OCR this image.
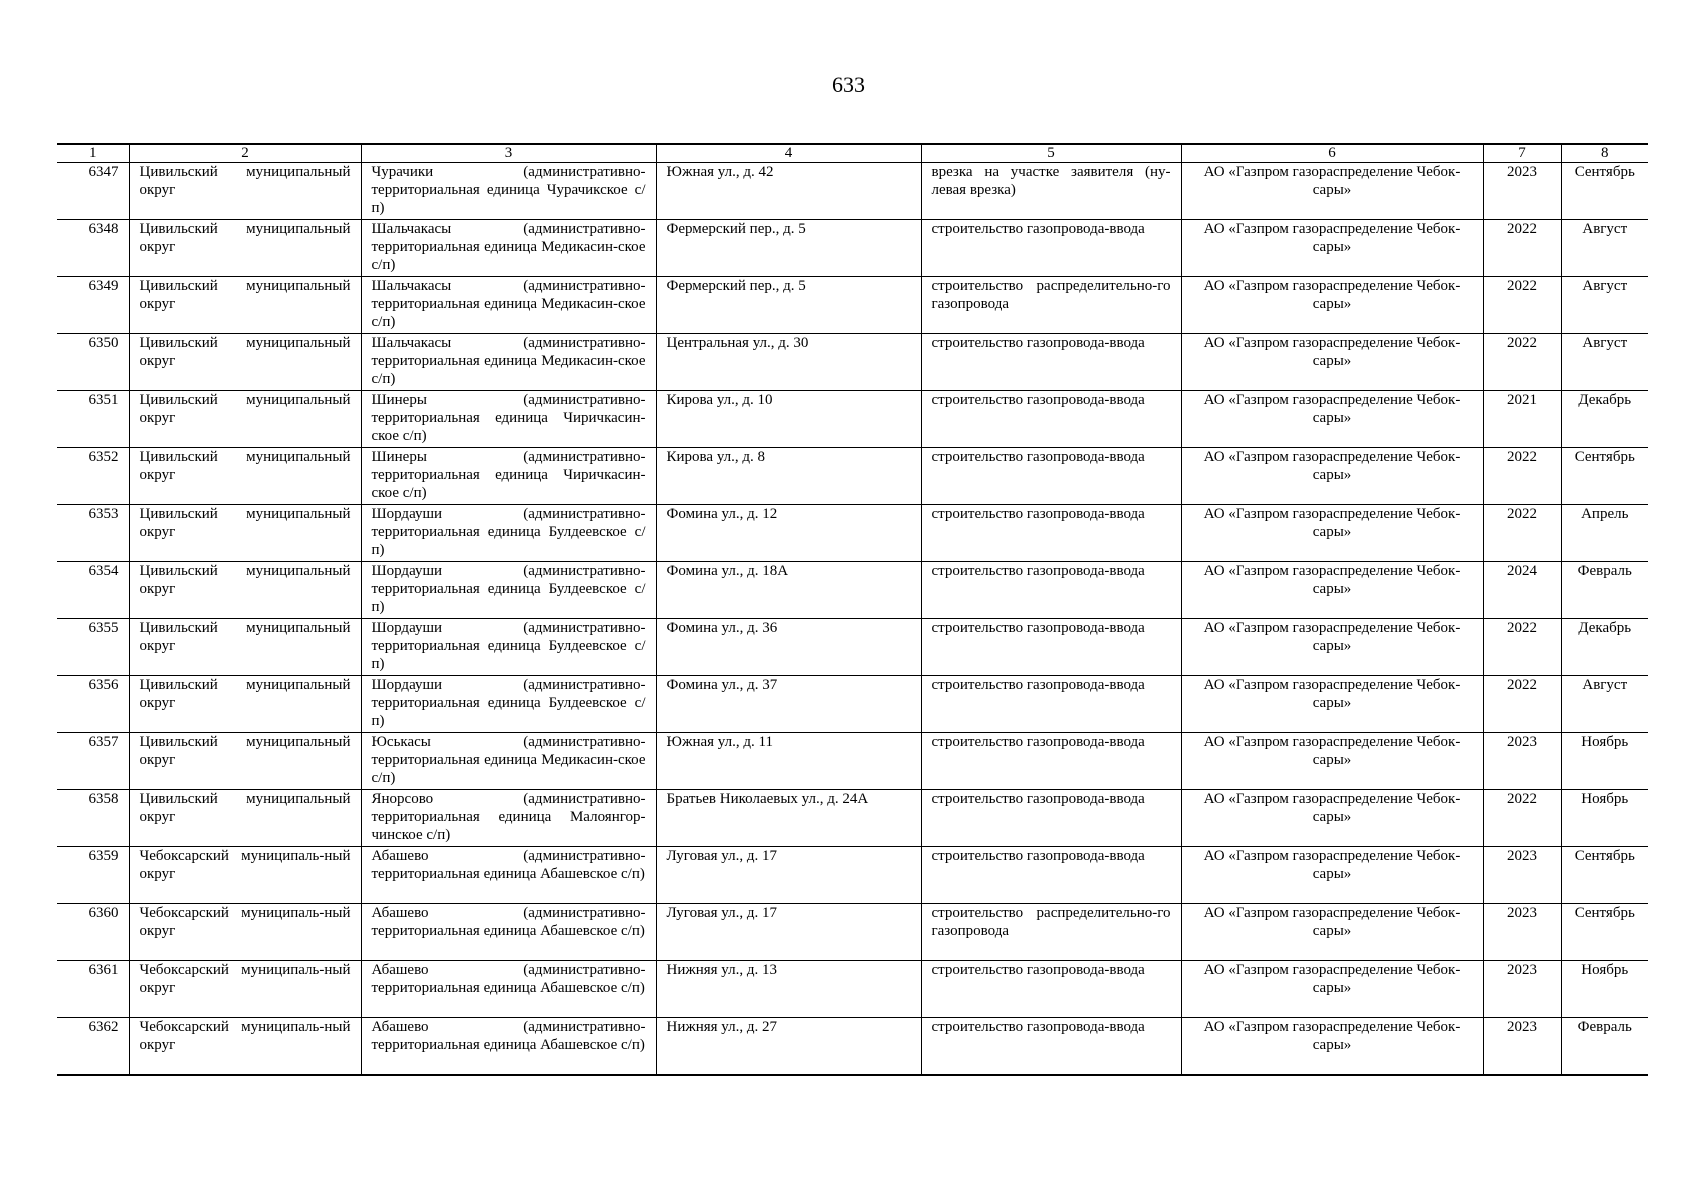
633
1	2	3	4	5	6	7	8
6347	Цивильский муниципальный округ	Чурачики (административно-территориальная единица Чурачикское с/п)	Южная ул., д. 42	врезка на участке заявителя (ну-левая врезка)	АО «Газпром газораспределение Чебок-сары»	2023	Сентябрь
6348	Цивильский муниципальный округ	Шальчакасы (административно-территориальная единица Медикасин-ское с/п)	Фермерский пер., д. 5	строительство газопровода-ввода	АО «Газпром газораспределение Чебок-сары»	2022	Август
6349	Цивильский муниципальный округ	Шальчакасы (административно-территориальная единица Медикасин-ское с/п)	Фермерский пер., д. 5	строительство распределительно-го газопровода	АО «Газпром газораспределение Чебок-сары»	2022	Август
6350	Цивильский муниципальный округ	Шальчакасы (административно-территориальная единица Медикасин-ское с/п)	Центральная ул., д. 30	строительство газопровода-ввода	АО «Газпром газораспределение Чебок-сары»	2022	Август
6351	Цивильский муниципальный округ	Шинеры (административно-территориальная единица Чиричкасин-ское с/п)	Кирова ул., д. 10	строительство газопровода-ввода	АО «Газпром газораспределение Чебок-сары»	2021	Декабрь
6352	Цивильский муниципальный округ	Шинеры (административно-территориальная единица Чиричкасин-ское с/п)	Кирова ул., д. 8	строительство газопровода-ввода	АО «Газпром газораспределение Чебок-сары»	2022	Сентябрь
6353	Цивильский муниципальный округ	Шордауши (административно-территориальная единица Булдеевское с/п)	Фомина ул., д. 12	строительство газопровода-ввода	АО «Газпром газораспределение Чебок-сары»	2022	Апрель
6354	Цивильский муниципальный округ	Шордауши (административно-территориальная единица Булдеевское с/п)	Фомина ул., д. 18А	строительство газопровода-ввода	АО «Газпром газораспределение Чебок-сары»	2024	Февраль
6355	Цивильский муниципальный округ	Шордауши (административно-территориальная единица Булдеевское с/п)	Фомина ул., д. 36	строительство газопровода-ввода	АО «Газпром газораспределение Чебок-сары»	2022	Декабрь
6356	Цивильский муниципальный округ	Шордауши (административно-территориальная единица Булдеевское с/п)	Фомина ул., д. 37	строительство газопровода-ввода	АО «Газпром газораспределение Чебок-сары»	2022	Август
6357	Цивильский муниципальный округ	Юськасы (административно-территориальная единица Медикасин-ское с/п)	Южная ул., д. 11	строительство газопровода-ввода	АО «Газпром газораспределение Чебок-сары»	2023	Ноябрь
6358	Цивильский муниципальный округ	Янорсово (административно-территориальная единица Малоянгор-чинское с/п)	Братьев Николаевых ул., д. 24А	строительство газопровода-ввода	АО «Газпром газораспределение Чебок-сары»	2022	Ноябрь
6359	Чебоксарский муниципаль-ный округ	Абашево (административно-территориальная единица Абашевское с/п)	Луговая ул., д. 17	строительство газопровода-ввода	АО «Газпром газораспределение Чебок-сары»	2023	Сентябрь
6360	Чебоксарский муниципаль-ный округ	Абашево (административно-территориальная единица Абашевское с/п)	Луговая ул., д. 17	строительство распределительно-го газопровода	АО «Газпром газораспределение Чебок-сары»	2023	Сентябрь
6361	Чебоксарский муниципаль-ный округ	Абашево (административно-территориальная единица Абашевское с/п)	Нижняя ул., д. 13	строительство газопровода-ввода	АО «Газпром газораспределение Чебок-сары»	2023	Ноябрь
6362	Чебоксарский муниципаль-ный округ	Абашево (административно-территориальная единица Абашевское с/п)	Нижняя ул., д. 27	строительство газопровода-ввода	АО «Газпром газораспределение Чебок-сары»	2023	Февраль
